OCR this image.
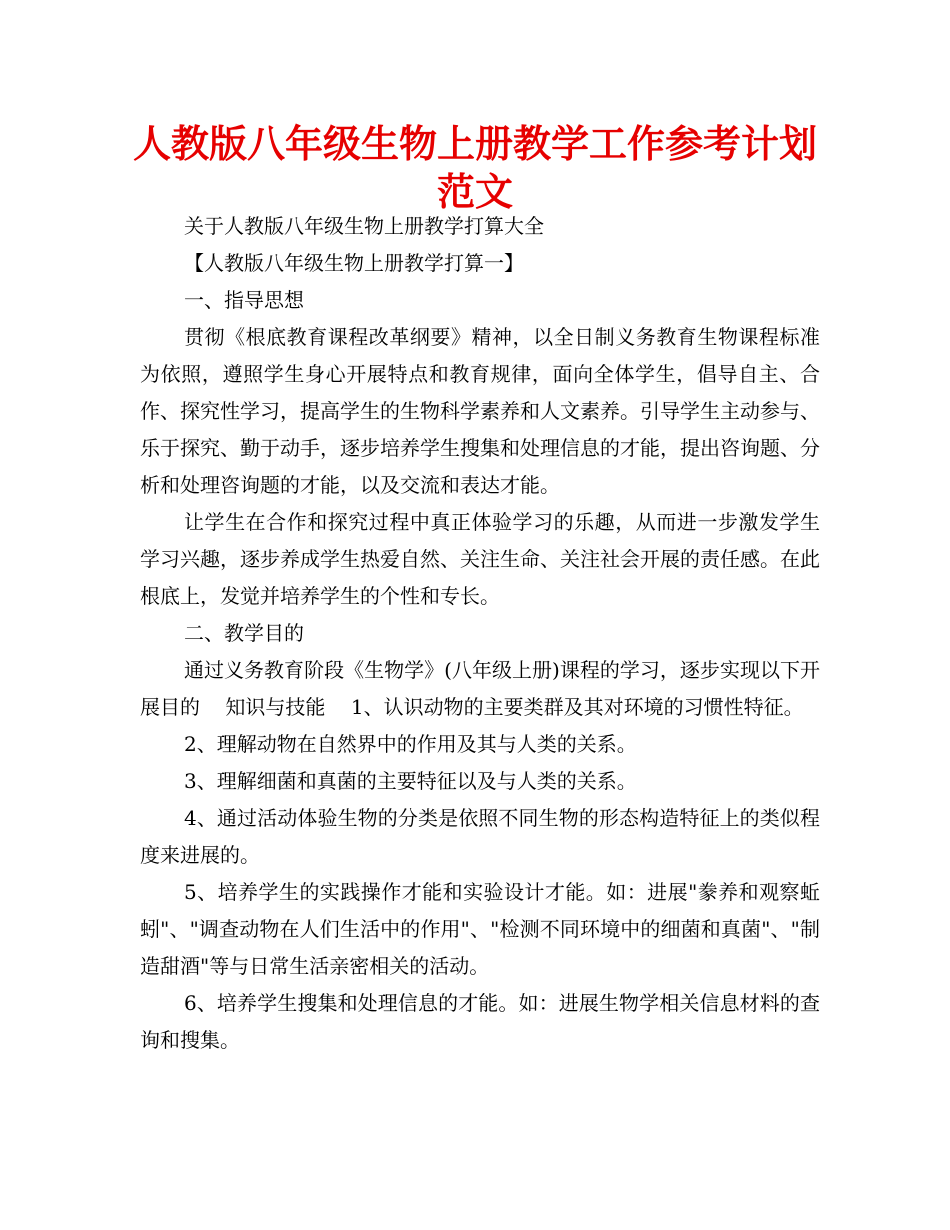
人教版八年级生物上册教学工作参考计划
范文

关于人教版八年级生物上册教学打算大全

【人教版八年级生物上册教学打算一】

一、指导思想

贯彻《根底教育课程改革纲要》精神，以全日制义务教育生物课程标准为依照，遵照学生身心开展特点和教育规律，面向全体学生，倡导自主、合作、探究性学习，提高学生的生物科学素养和人文素养。引导学生主动参与、乐于探究、勤于动手，逐步培养学生搜集和处理信息的才能，提出咨询题、分析和处理咨询题的才能，以及交流和表达才能。

让学生在合作和探究过程中真正体验学习的乐趣，从而进一步激发学生学习兴趣，逐步养成学生热爱自然、关注生命、关注社会开展的责任感。在此根底上，发觉并培养学生的个性和专长。

二、教学目的

通过义务教育阶段《生物学》(八年级上册)课程的学习，逐步实现以下开展目的    知识与技能    1、认识动物的主要类群及其对环境的习惯性特征。

2、理解动物在自然界中的作用及其与人类的关系。

3、理解细菌和真菌的主要特征以及与人类的关系。

4、通过活动体验生物的分类是依照不同生物的形态构造特征上的类似程度来进展的。

5、培养学生的实践操作才能和实验设计才能。如：进展"豢养和观察蚯蚓"、"调查动物在人们生活中的作用"、"检测不同环境中的细菌和真菌"、"制造甜酒"等与日常生活亲密相关的活动。

6、培养学生搜集和处理信息的才能。如：进展生物学相关信息材料的查询和搜集。
